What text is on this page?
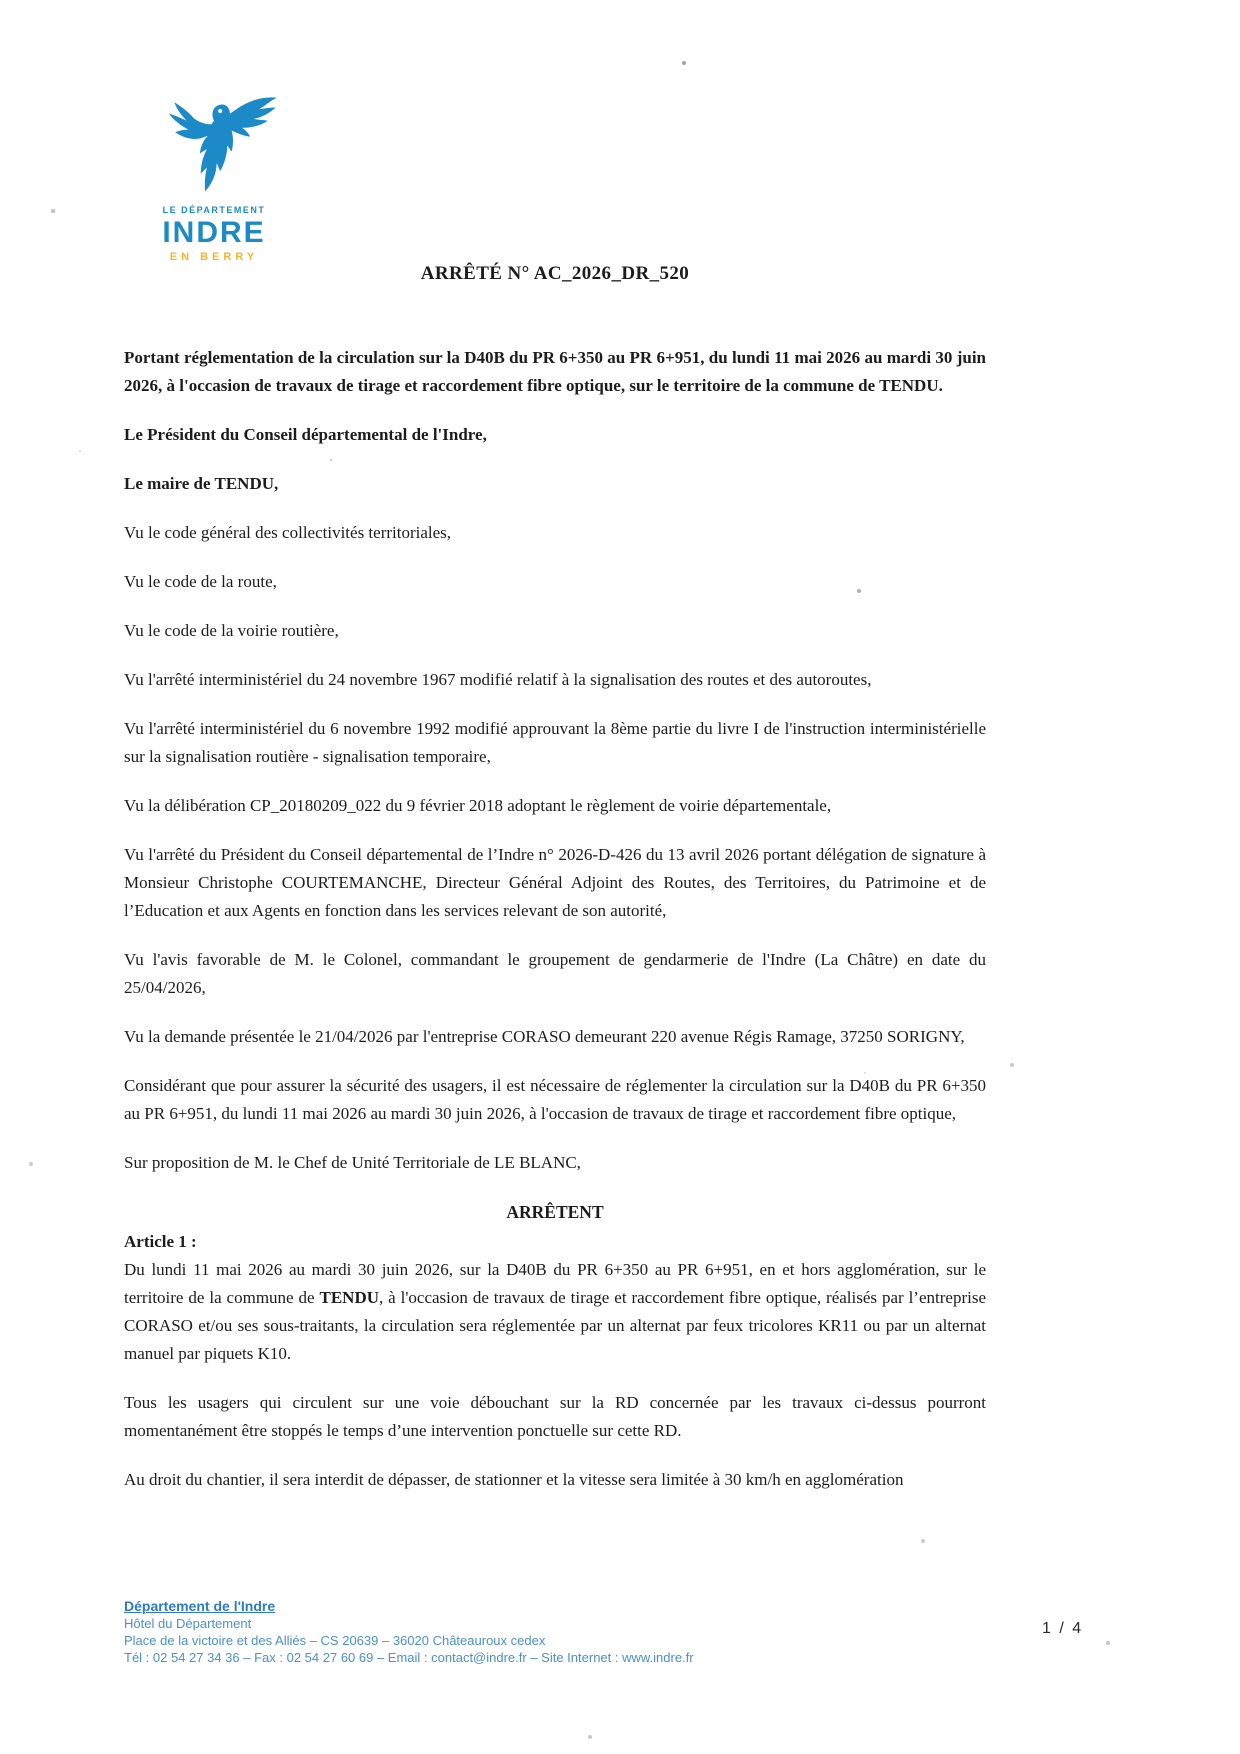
LE DÉPARTEMENT
INDRE
EN BERRY
ARRÊTÉ N° AC_2026_DR_520

Portant réglementation de la circulation sur la D40B du PR 6+350 au PR 6+951, du lundi 11 mai 2026 au mardi 30 juin 2026, à l'occasion de travaux de tirage et raccordement fibre optique, sur le territoire de la commune de TENDU.

Le Président du Conseil départemental de l'Indre,

Le maire de TENDU,

Vu le code général des collectivités territoriales,

Vu le code de la route,

Vu le code de la voirie routière,

Vu l'arrêté interministériel du 24 novembre 1967 modifié relatif à la signalisation des routes et des autoroutes,

Vu l'arrêté interministériel du 6 novembre 1992 modifié approuvant la 8ème partie du livre I de l'instruction interministérielle sur la signalisation routière - signalisation temporaire,

Vu la délibération CP_20180209_022 du 9 février 2018 adoptant le règlement de voirie départementale,

Vu l'arrêté du Président du Conseil départemental de l’Indre n° 2026-D-426 du 13 avril 2026 portant délégation de signature à Monsieur Christophe COURTEMANCHE, Directeur Général Adjoint des Routes, des Territoires, du Patrimoine et de l’Education et aux Agents en fonction dans les services relevant de son autorité,

Vu l'avis favorable de M. le Colonel, commandant le groupement de gendarmerie de l'Indre (La Châtre) en date du 25/04/2026,

Vu la demande présentée le 21/04/2026 par l'entreprise CORASO demeurant 220 avenue Régis Ramage, 37250 SORIGNY,

Considérant que pour assurer la sécurité des usagers, il est nécessaire de réglementer la circulation sur la D40B du PR 6+350 au PR 6+951, du lundi 11 mai 2026 au mardi 30 juin 2026, à l'occasion de travaux de tirage et raccordement fibre optique,

Sur proposition de M. le Chef de Unité Territoriale de LE BLANC,

ARRÊTENT

Article 1 :

Du lundi 11 mai 2026 au mardi 30 juin 2026, sur la D40B du PR 6+350 au PR 6+951, en et hors agglomération, sur le territoire de la commune de TENDU, à l'occasion de travaux de tirage et raccordement fibre optique, réalisés par l’entreprise CORASO et/ou ses sous-traitants, la circulation sera réglementée par un alternat par feux tricolores KR11 ou par un alternat manuel par piquets K10.

Tous les usagers qui circulent sur une voie débouchant sur la RD concernée par les travaux ci-dessus pourront momentanément être stoppés le temps d’une intervention ponctuelle sur cette RD.

Au droit du chantier, il sera interdit de dépasser, de stationner et la vitesse sera limitée à 30 km/h en agglomération

Département de l'Indre
Hôtel du Département
Place de la victoire et des Alliés – CS 20639 – 36020 Châteauroux cedex
Tél : 02 54 27 34 36 – Fax : 02 54 27 60 69 – Email : contact@indre.fr – Site Internet : www.indre.fr
1 / 4
